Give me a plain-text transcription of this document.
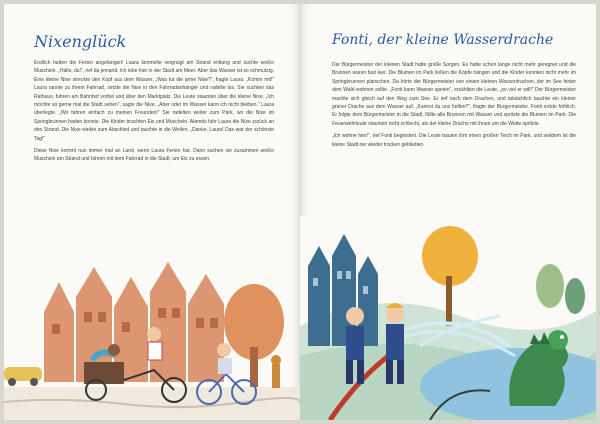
Nixenglück

Endlich hatten die Ferien angefangen! Laura lümmelte vergnügt am Strand entlang und suchte weiße Muscheln. „Hallo, du!“, rief da jemand. Ich lebe hier in der Stadt am Meer. Aber das Wasser ist so schmutzig. Eine kleine Nixe streckte den Kopf aus dem Wasser. „Was tut die arme Nixe?“, fragte Laura. „Komm mit!“ Laura rannte zu ihrem Fahrrad, setzte die Nixe in den Fahrradanhänger und radelte los. Sie suchten das Rathaus, fuhren am Bahnhof vorbei und über den Marktplatz. Die Leute staunten über die kleine Nixe. „Ich möchte so gerne mal die Stadt sehen“, sagte die Nixe. „Aber oder im Wasser kann ich nicht bleiben.“ Laura überlegte. „Wir fahren einfach zu meinen Freunden!“ Sie radelten weiter zum Park, wo die Nixe im Springbrunnen baden konnte. Die Kinder brachten Eis und Muscheln. Abends fuhr Laura die Nixe zurück an den Strand. Die Nixe winkte zum Abschied und tauchte in die Wellen. „Danke, Laura! Das war der schönste Tag!“

Diese Nixe kommt nun immer mal an Land, wenn Laura Ferien hat. Dann suchen sie zusammen weiße Muscheln am Strand und fahren mit dem Fahrrad in die Stadt, um Eis zu essen.

Fonti, der kleine Wasserdrache

Der Bürgermeister der kleinen Stadt hatte große Sorgen. Es hatte schon lange nicht mehr geregnet und die Brunnen waren fast leer. Die Blumen im Park ließen die Köpfe hängen und die Kinder konnten nicht mehr im Springbrunnen planschen. Da hörte der Bürgermeister von einem kleinen Wasserdrachen, der im See hinter dem Wald wohnen sollte. „Fonti kann Wasser speien“, erzählten die Leute, „so viel er will!“ Der Bürgermeister machte sich gleich auf den Weg zum See. Er rief nach dem Drachen, und tatsächlich tauchte ein kleiner grüner Drache aus dem Wasser auf. „Kannst du uns helfen?“, fragte der Bürgermeister. Fonti nickte fröhlich. Er folgte dem Bürgermeister in die Stadt, füllte alle Brunnen mit Wasser und spritzte die Blumen im Park. Die Feuerwehrleute staunten nicht schlecht, als der kleine Drache mit ihnen um die Wette spritzte.

„Ich wohne hier!“, rief Fonti begeistert. Die Leute bauten ihm einen großen Teich im Park, und seitdem ist die kleine Stadt nie wieder trocken geblieben.
